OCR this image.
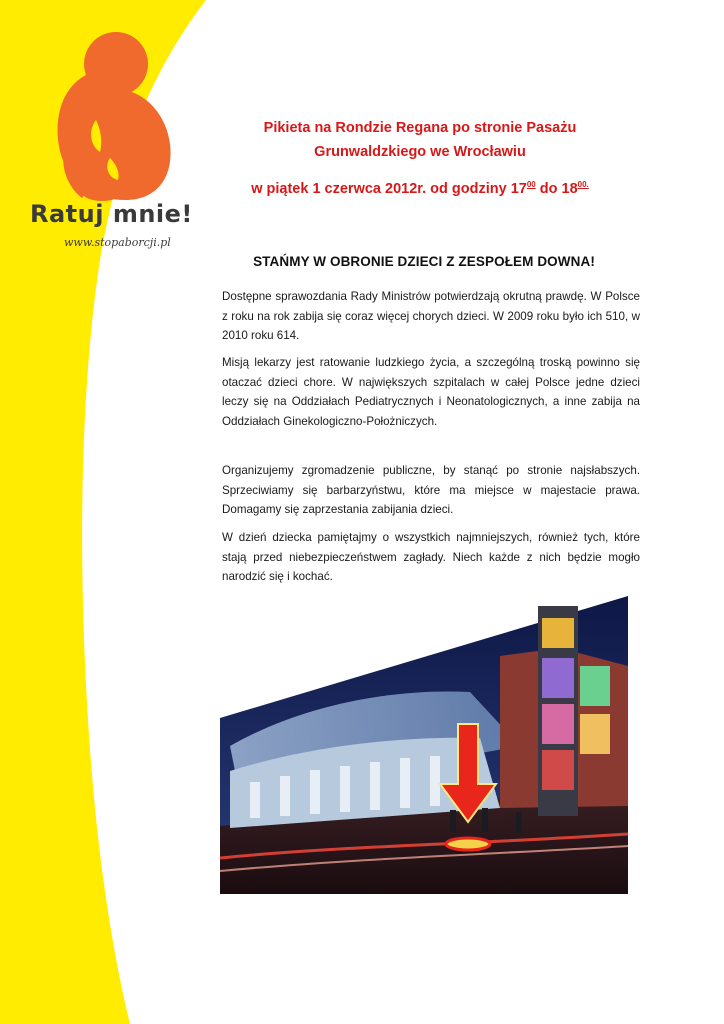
Ratuj mnie!
www.stopaborcji.pl
Pikieta na Rondzie Regana po stronie Pasażu
Grunwaldzkiego we Wrocławiu
w piątek 1 czerwca 2012r. od godziny $17^{00}$ do $18^{00.}$
STAŃMY W OBRONIE DZIECI Z ZESPOŁEM DOWNA!

Dostępne sprawozdania Rady Ministrów potwierdzają okrutną prawdę. W Polsce z roku na rok zabija się coraz więcej chorych dzieci. W 2009 roku było ich 510, w 2010 roku 614.

Misją lekarzy jest ratowanie ludzkiego życia, a szczególną troską powinno się otaczać dzieci chore. W największych szpitalach w całej Polsce jedne dzieci leczy się na Oddziałach Pediatrycznych i Neonatologicznych, a inne zabija na Oddziałach Ginekologiczno-Położniczych.

Organizujemy zgromadzenie publiczne, by stanąć po stronie najsłabszych. Sprzeciwiamy się barbarzyństwu, które ma miejsce w majestacie prawa. Domagamy się zaprzestania zabijania dzieci.

W dzień dziecka pamiętajmy o wszystkich najmniejszych, również tych, które stają przed niebezpieczeństwem zagłady. Niech każde z nich będzie mogło narodzić się i kochać.
